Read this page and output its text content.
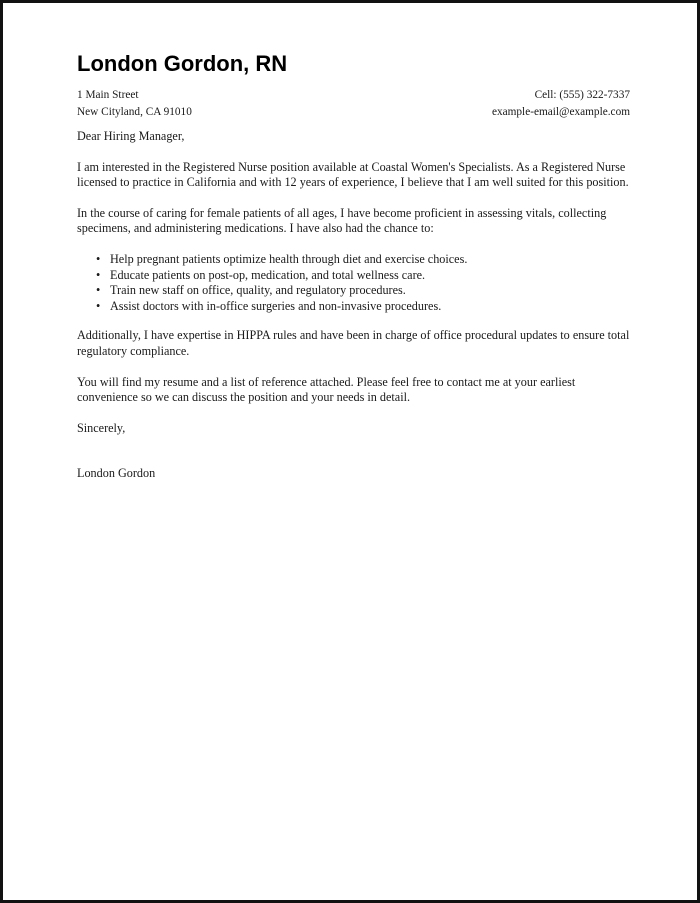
London Gordon, RN
1 Main Street	Cell: (555) 322-7337
New Cityland, CA 91010	example-email@example.com

Dear Hiring Manager,

I am interested in the Registered Nurse position available at Coastal Women's Specialists. As a Registered Nurse licensed to practice in California and with 12 years of experience, I believe that I am well suited for this position.

In the course of caring for female patients of all ages, I have become proficient in assessing vitals, collecting specimens, and administering medications. I have also had the chance to:

• Help pregnant patients optimize health through diet and exercise choices.
• Educate patients on post-op, medication, and total wellness care.
• Train new staff on office, quality, and regulatory procedures.
• Assist doctors with in-office surgeries and non-invasive procedures.

Additionally, I have expertise in HIPPA rules and have been in charge of office procedural updates to ensure total regulatory compliance.

You will find my resume and a list of reference attached. Please feel free to contact me at your earliest convenience so we can discuss the position and your needs in detail.

Sincerely,

London Gordon
